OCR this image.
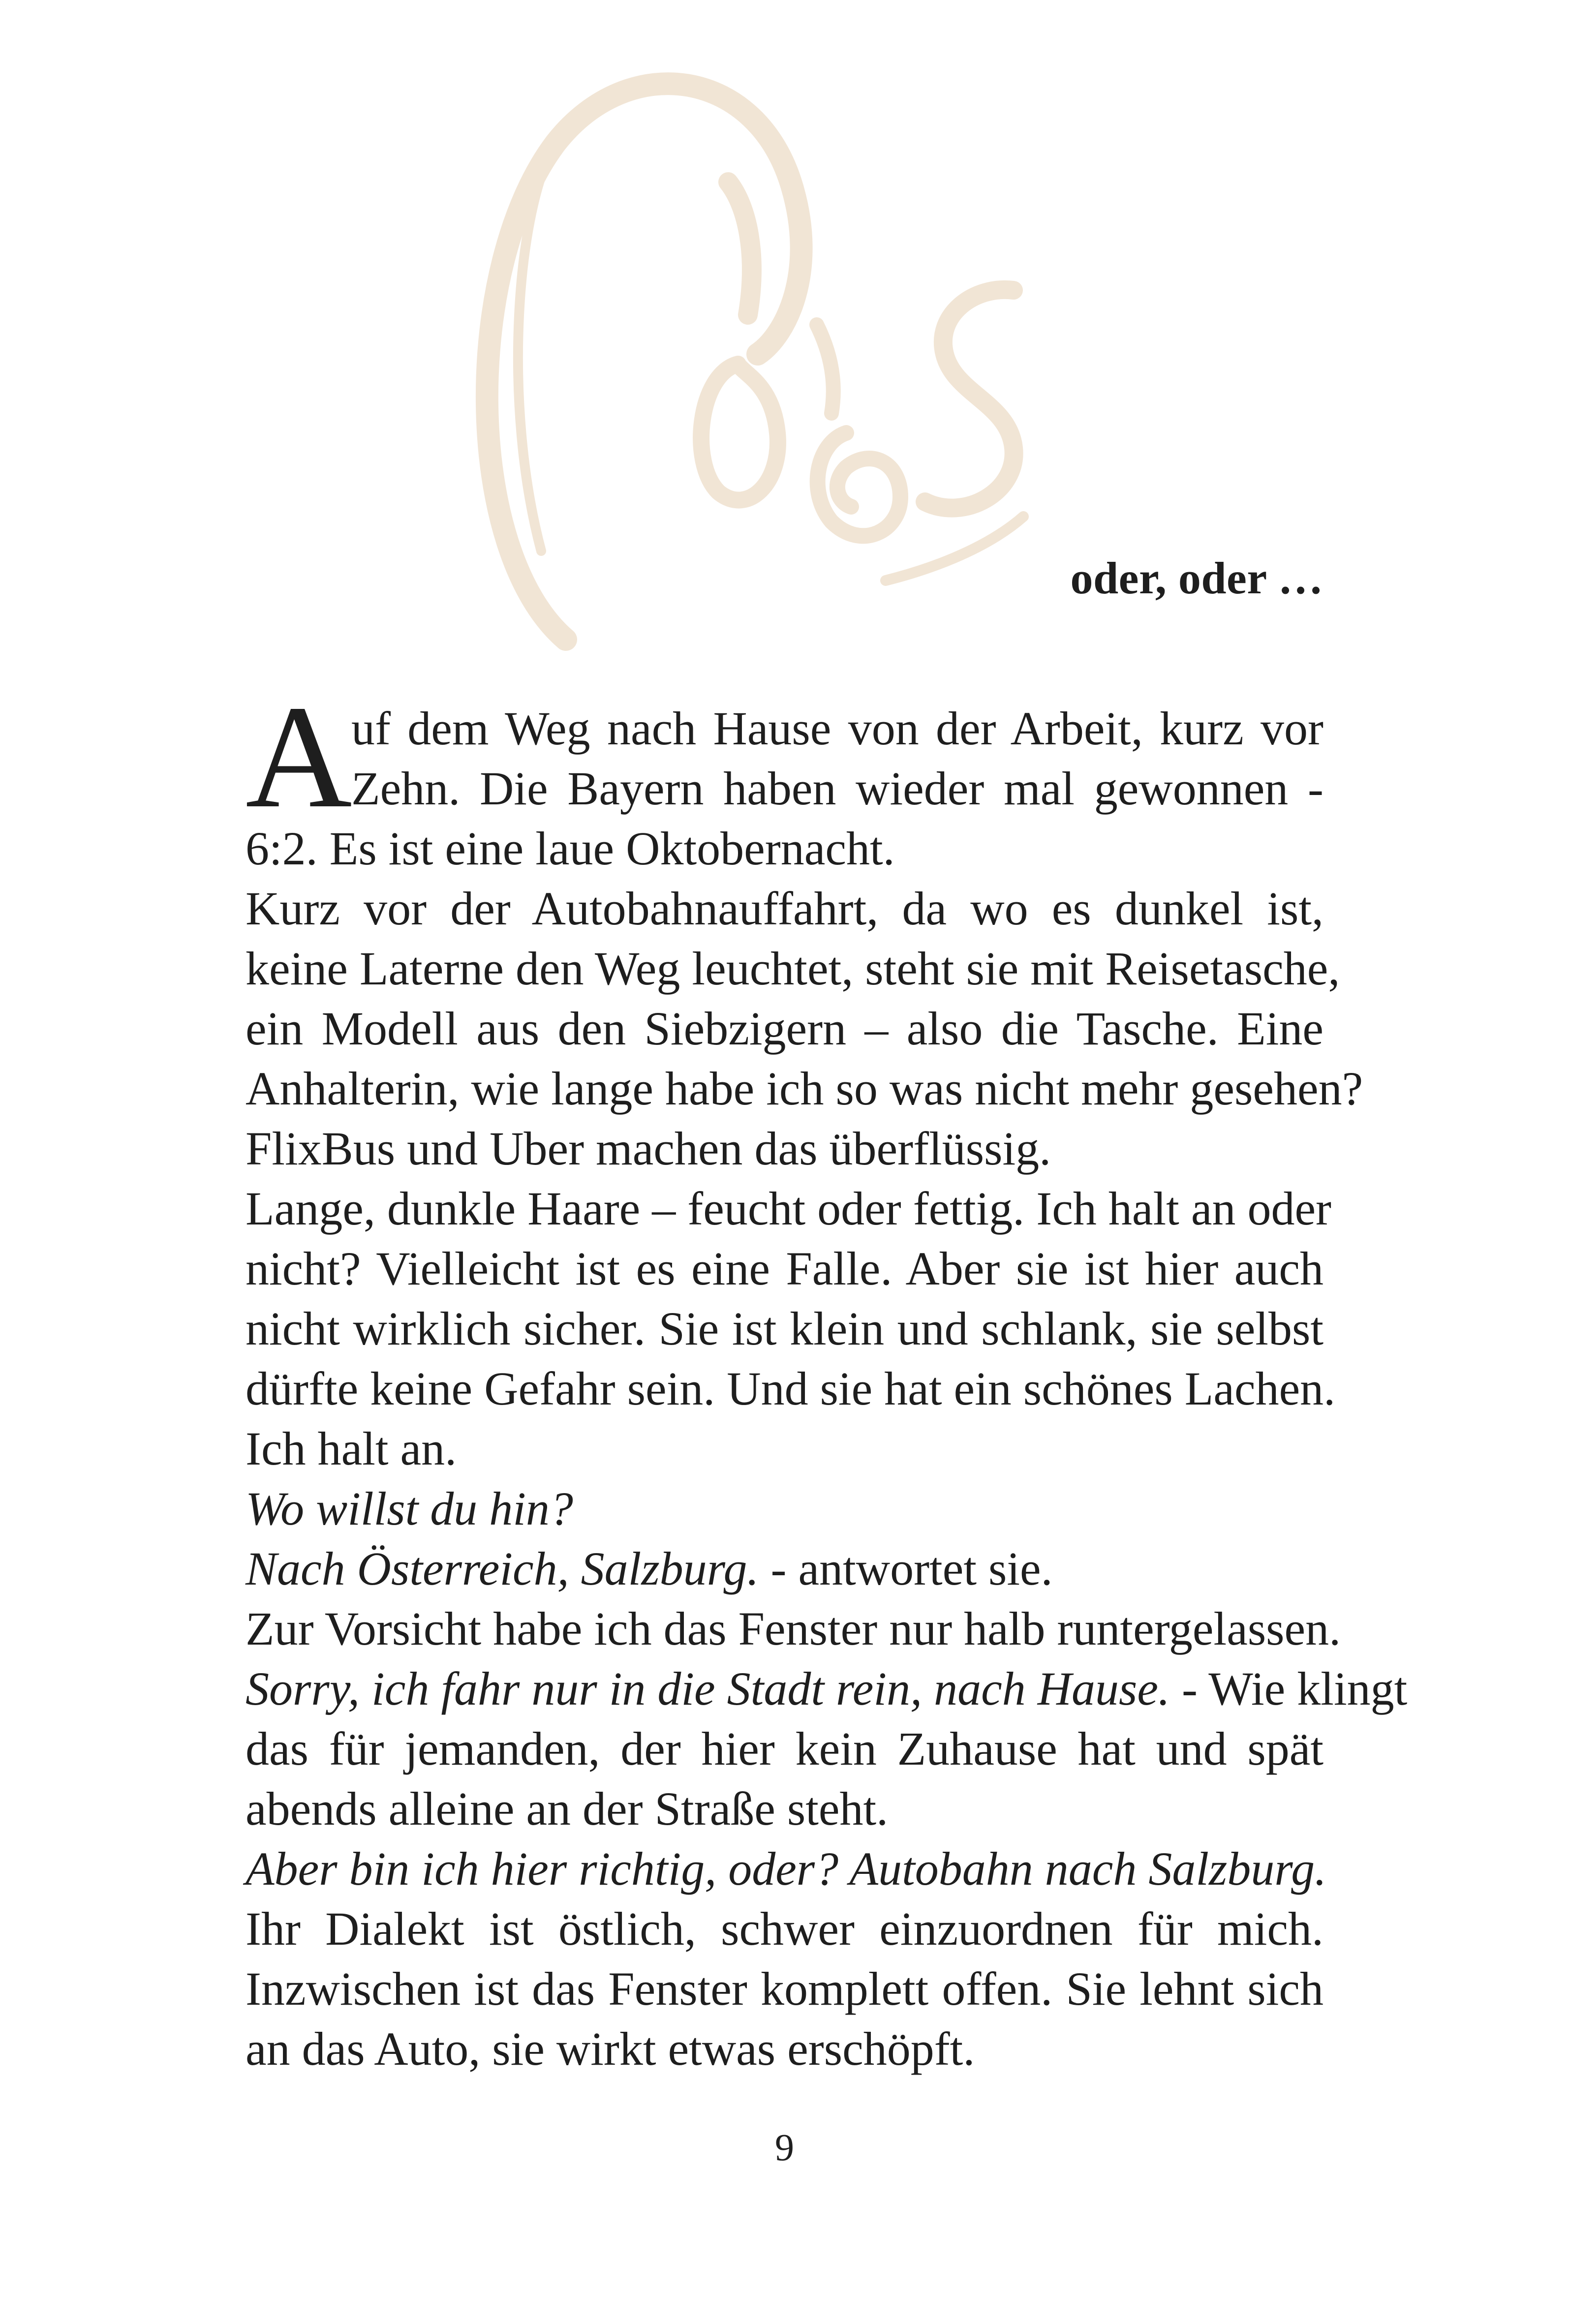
oder, oder …
A
uf dem Weg nach Hause von der Arbeit, kurz vor
Zehn. Die Bayern haben wieder mal gewonnen -
6:2. Es ist eine laue Oktobernacht.
Kurz vor der Autobahnauffahrt, da wo es dunkel ist,
keine Laterne den Weg leuchtet, steht sie mit Reisetasche,
ein Modell aus den Siebzigern – also die Tasche. Eine
Anhalterin, wie lange habe ich so was nicht mehr gesehen?
FlixBus und Uber machen das überflüssig.
Lange, dunkle Haare – feucht oder fettig. Ich halt an oder
nicht? Vielleicht ist es eine Falle. Aber sie ist hier auch
nicht wirklich sicher. Sie ist klein und schlank, sie selbst
dürfte keine Gefahr sein. Und sie hat ein schönes Lachen.
Ich halt an.
Wo willst du hin?
Nach Österreich, Salzburg. - antwortet sie.
Zur Vorsicht habe ich das Fenster nur halb runtergelassen.
Sorry, ich fahr nur in die Stadt rein, nach Hause. - Wie klingt
das für jemanden, der hier kein Zuhause hat und spät
abends alleine an der Straße steht.
Aber bin ich hier richtig, oder? Autobahn nach Salzburg.
Ihr Dialekt ist östlich, schwer einzuordnen für mich.
Inzwischen ist das Fenster komplett offen. Sie lehnt sich
an das Auto, sie wirkt etwas erschöpft.
9
